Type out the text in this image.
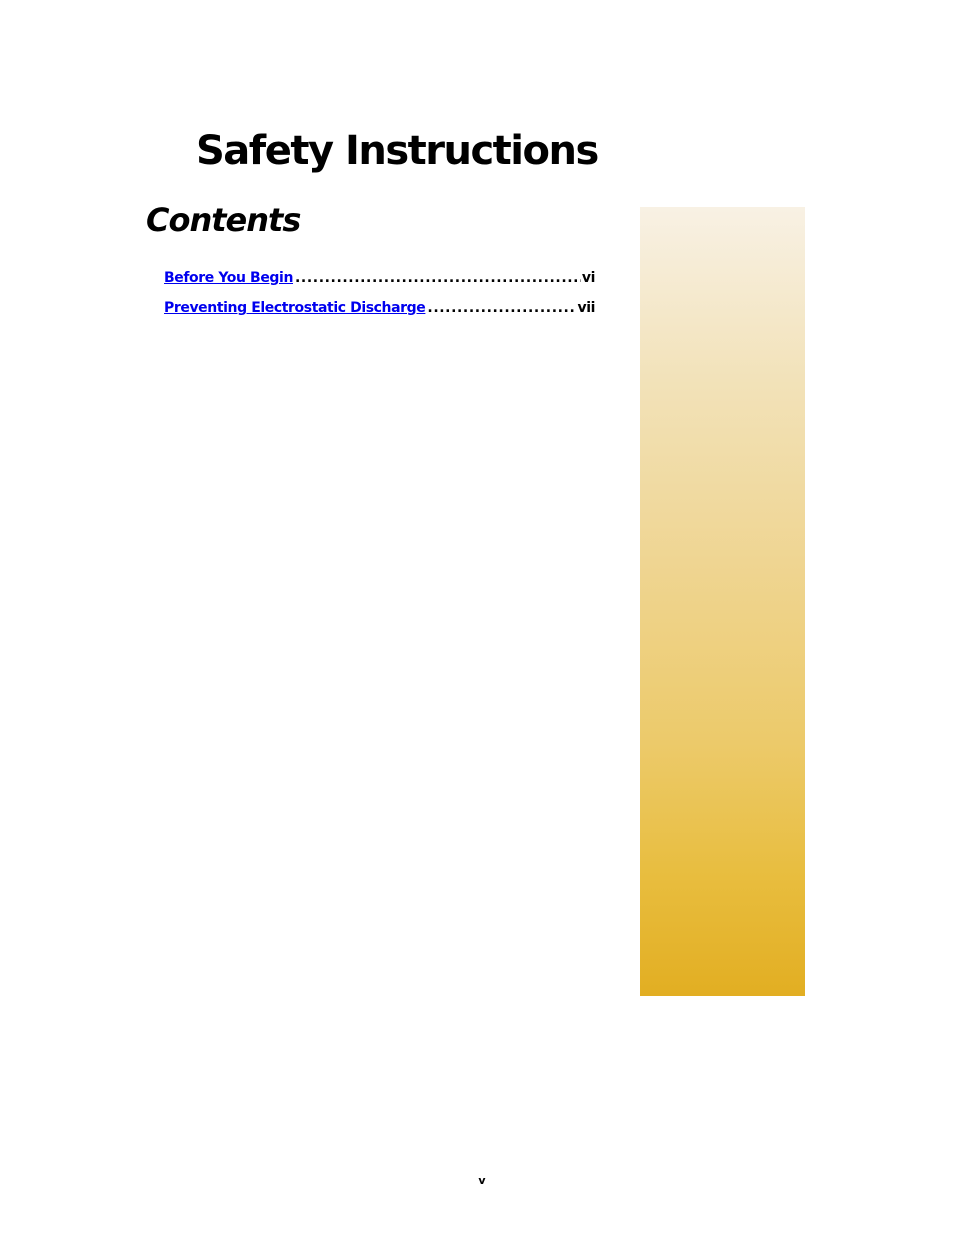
Safety Instructions
Contents
Before You Begin .....	vi
Preventing Electrostatic Discharge .....	vii
v
